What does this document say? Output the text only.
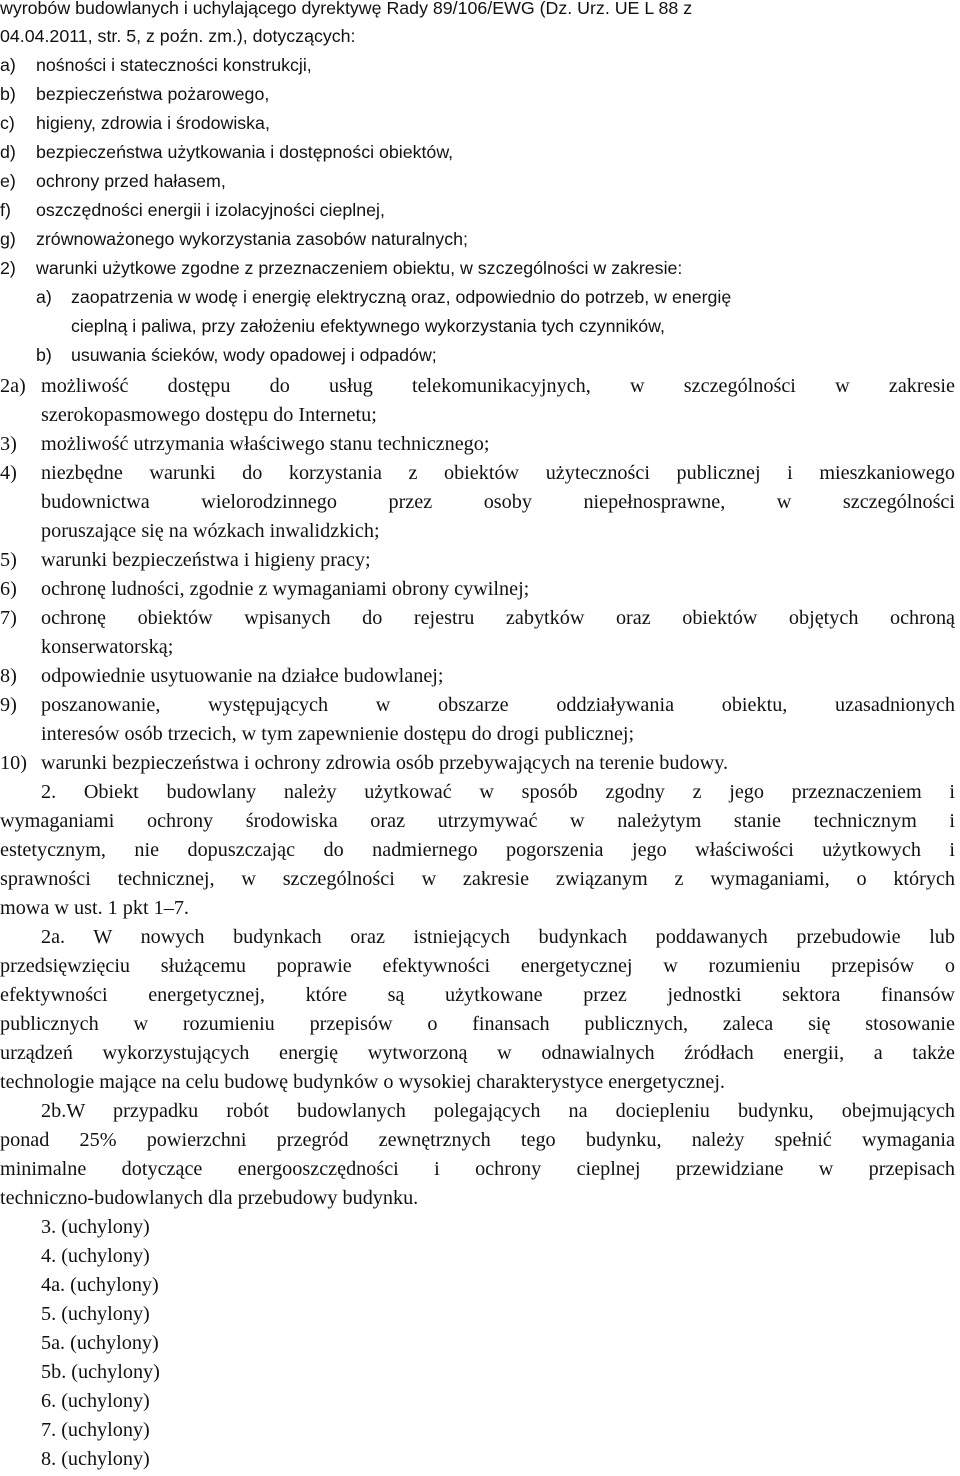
wyrobów budowlanych i uchylającego dyrektywę Rady 89/106/EWG (Dz. Urz. UE L 88 z
04.04.2011, str. 5, z poźn. zm.), dotyczących:
a) nośności i stateczności konstrukcji,
b) bezpieczeństwa pożarowego,
c) higieny, zdrowia i środowiska,
d) bezpieczeństwa użytkowania i dostępności obiektów,
e) ochrony przed hałasem,
f) oszczędności energii i izolacyjności cieplnej,
g) zrównoważonego wykorzystania zasobów naturalnych;
2) warunki użytkowe zgodne z przeznaczeniem obiektu, w szczególności w zakresie:
a) zaopatrzenia w wodę i energię elektryczną oraz, odpowiednio do potrzeb, w energię
cieplną i paliwa, przy założeniu efektywnego wykorzystania tych czynników,
b) usuwania ścieków, wody opadowej i odpadów;
2a) możliwość dostępu do usług telekomunikacyjnych, w szczególności w zakresie
szerokopasmowego dostępu do Internetu;
3) możliwość utrzymania właściwego stanu technicznego;
4) niezbędne warunki do korzystania z obiektów użyteczności publicznej i mieszkaniowego
budownictwa wielorodzinnego przez osoby niepełnosprawne, w szczególności
poruszające się na wózkach inwalidzkich;
5) warunki bezpieczeństwa i higieny pracy;
6) ochronę ludności, zgodnie z wymaganiami obrony cywilnej;
7) ochronę obiektów wpisanych do rejestru zabytków oraz obiektów objętych ochroną
konserwatorską;
8) odpowiednie usytuowanie na działce budowlanej;
9) poszanowanie, występujących w obszarze oddziaływania obiektu, uzasadnionych
interesów osób trzecich, w tym zapewnienie dostępu do drogi publicznej;
10) warunki bezpieczeństwa i ochrony zdrowia osób przebywających na terenie budowy.
2. Obiekt budowlany należy użytkować w sposób zgodny z jego przeznaczeniem i
wymaganiami ochrony środowiska oraz utrzymywać w należytym stanie technicznym i
estetycznym, nie dopuszczając do nadmiernego pogorszenia jego właściwości użytkowych i
sprawności technicznej, w szczególności w zakresie związanym z wymaganiami, o których
mowa w ust. 1 pkt 1–7.
2a. W nowych budynkach oraz istniejących budynkach poddawanych przebudowie lub
przedsięwzięciu służącemu poprawie efektywności energetycznej w rozumieniu przepisów o
efektywności energetycznej, które są użytkowane przez jednostki sektora finansów
publicznych w rozumieniu przepisów o finansach publicznych, zaleca się stosowanie
urządzeń wykorzystujących energię wytworzoną w odnawialnych źródłach energii, a także
technologie mające na celu budowę budynków o wysokiej charakterystyce energetycznej.
2b.W przypadku robót budowlanych polegających na dociepleniu budynku, obejmujących
ponad 25% powierzchni przegród zewnętrznych tego budynku, należy spełnić wymagania
minimalne dotyczące energooszczędności i ochrony cieplnej przewidziane w przepisach
techniczno-budowlanych dla przebudowy budynku.
3. (uchylony)
4. (uchylony)
4a. (uchylony)
5. (uchylony)
5a. (uchylony)
5b. (uchylony)
6. (uchylony)
7. (uchylony)
8. (uchylony)
